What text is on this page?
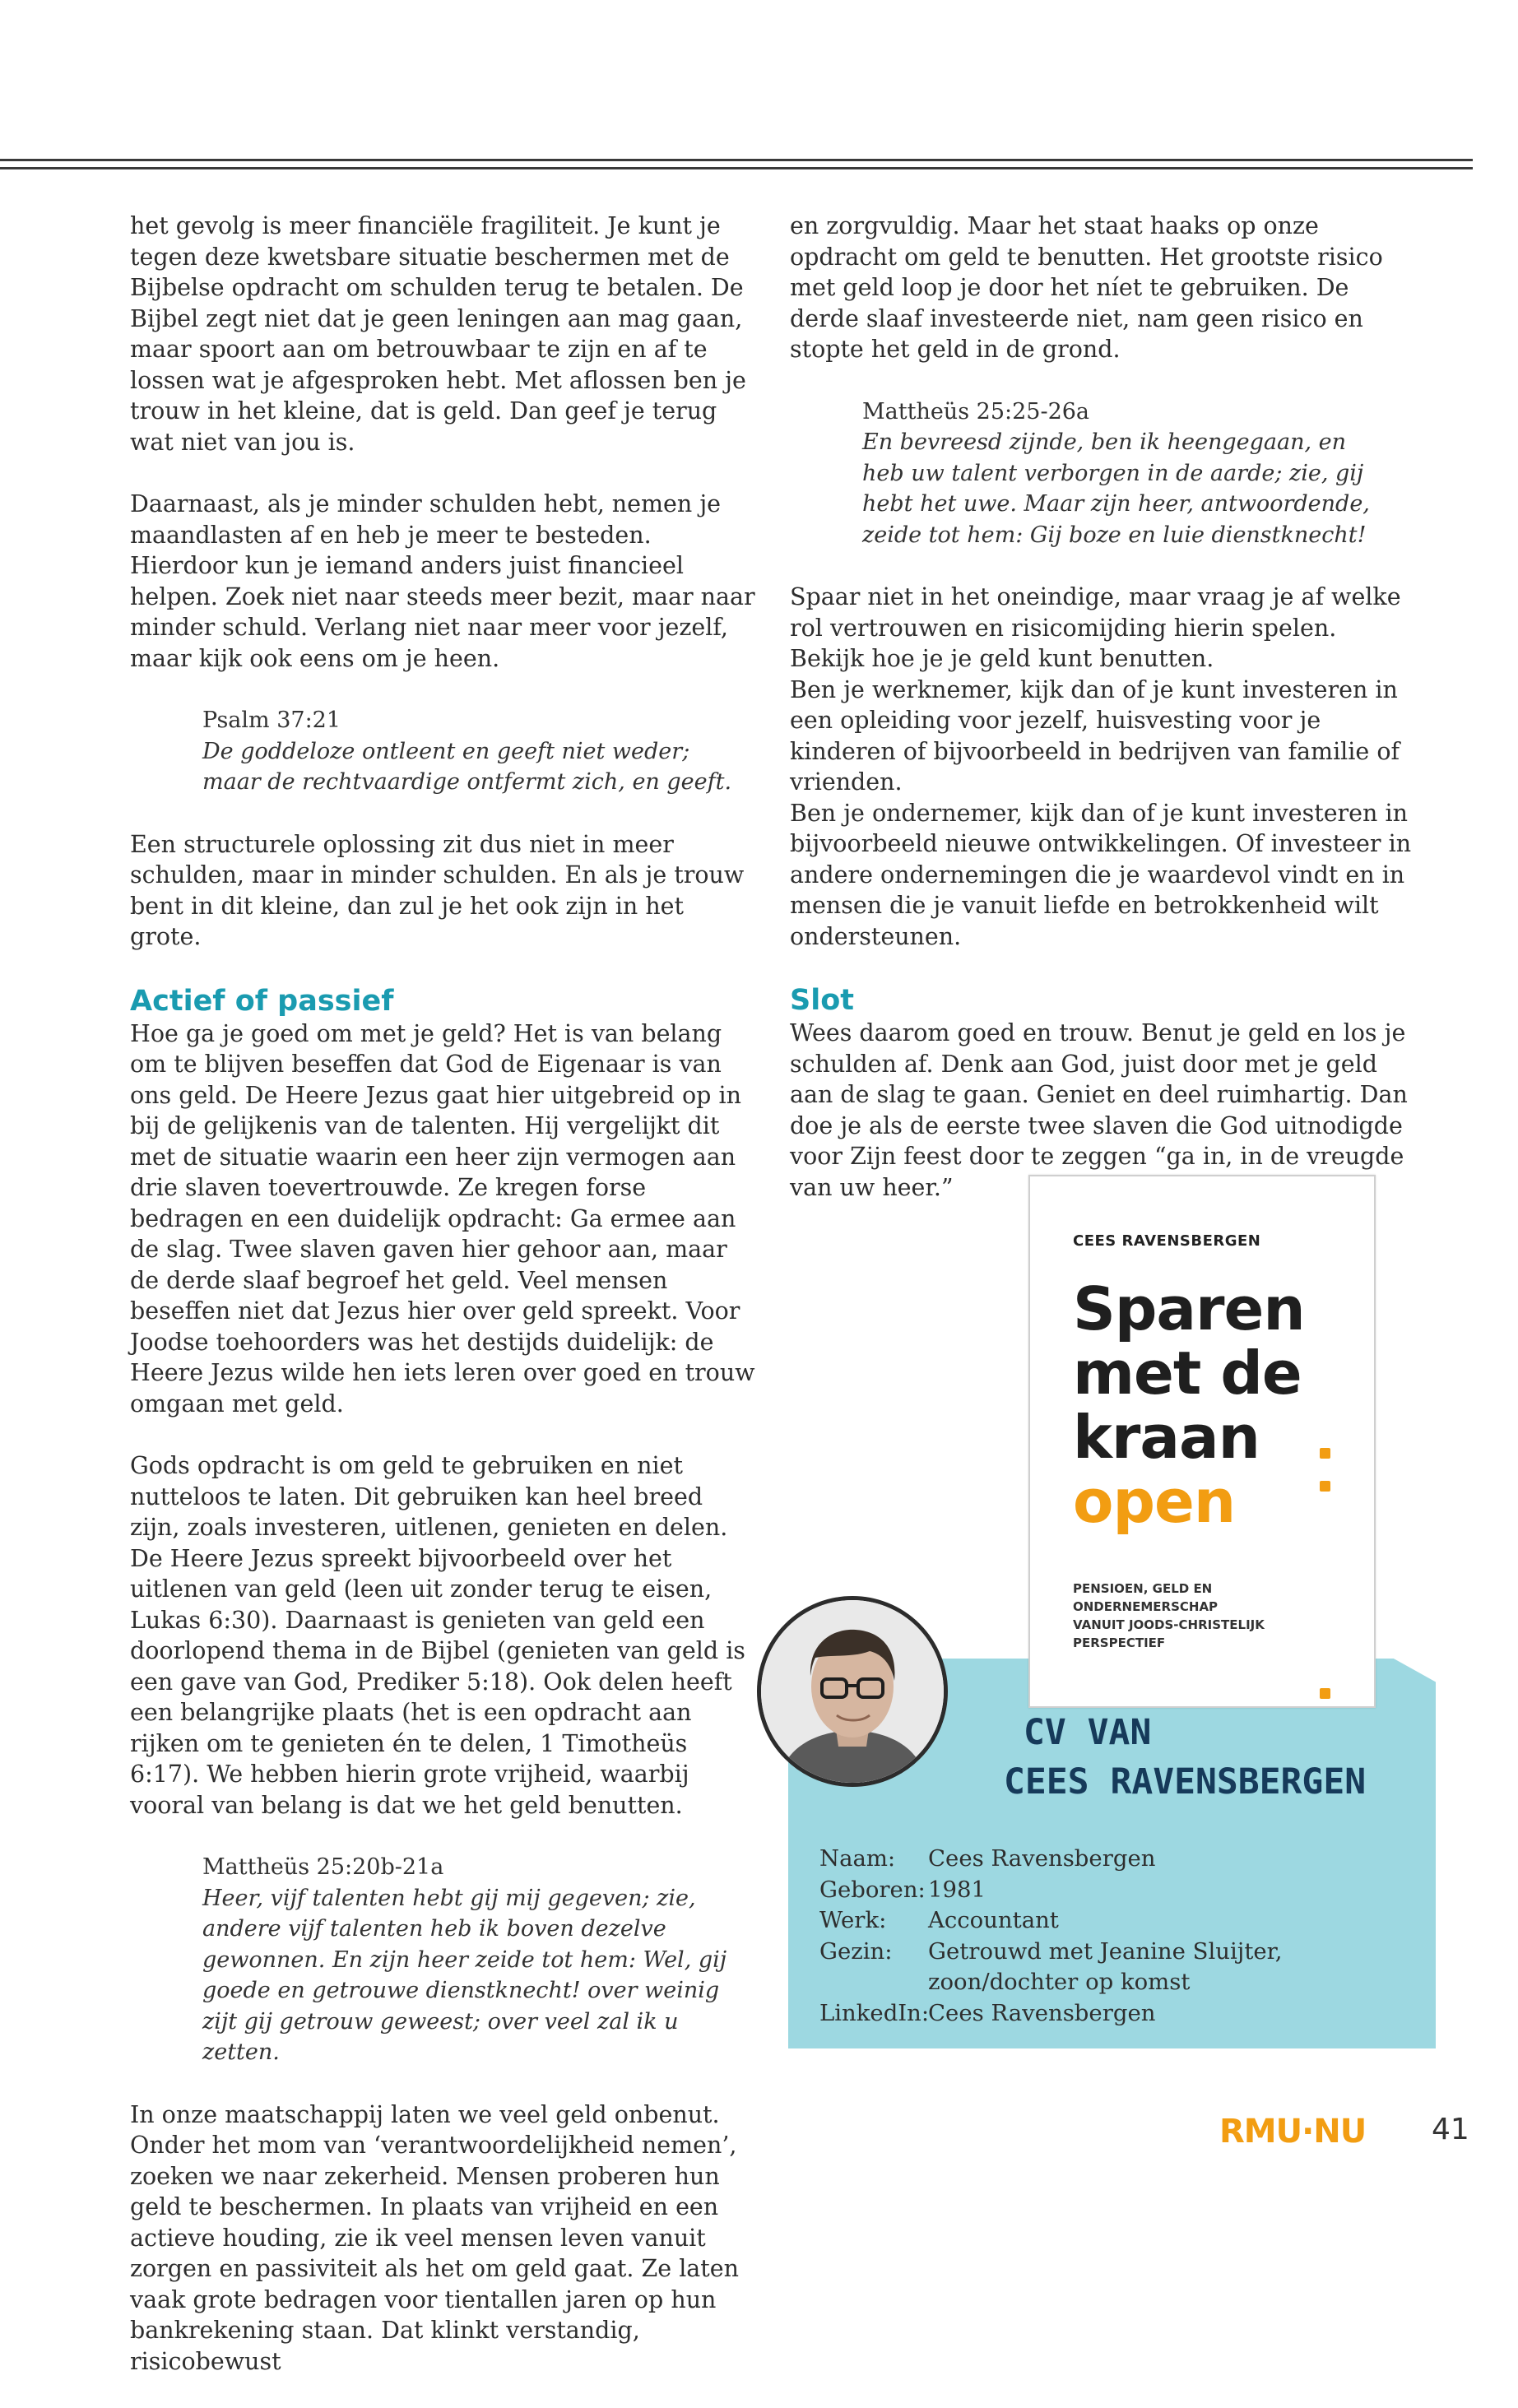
het gevolg is meer financiële fragiliteit. Je kunt je tegen deze kwetsbare situatie beschermen met de Bijbelse opdracht om schulden terug te betalen. De Bijbel zegt niet dat je geen leningen aan mag gaan, maar spoort aan om betrouwbaar te zijn en af te lossen wat je afgesproken hebt. Met aflossen ben je trouw in het kleine, dat is geld. Dan geef je terug wat niet van jou is.

Daarnaast, als je minder schulden hebt, nemen je maandlasten af en heb je meer te besteden. Hierdoor kun je iemand anders juist financieel helpen. Zoek niet naar steeds meer bezit, maar naar minder schuld. Verlang niet naar meer voor jezelf, maar kijk ook eens om je heen.

Psalm 37:21
De goddeloze ontleent en geeft niet weder;
maar de rechtvaardige ontfermt zich, en geeft.

Een structurele oplossing zit dus niet in meer schulden, maar in minder schulden. En als je trouw bent in dit kleine, dan zul je het ook zijn in het grote.

Actief of passief

Hoe ga je goed om met je geld? Het is van belang om te blijven beseffen dat God de Eigenaar is van ons geld. De Heere Jezus gaat hier uitgebreid op in bij de gelijkenis van de talenten. Hij vergelijkt dit met de situatie waarin een heer zijn vermogen aan drie slaven toevertrouwde. Ze kregen forse bedragen en een duidelijk opdracht: Ga ermee aan de slag. Twee slaven gaven hier gehoor aan, maar de derde slaaf begroef het geld. Veel mensen beseffen niet dat Jezus hier over geld spreekt. Voor Joodse toehoorders was het destijds duidelijk: de Heere Jezus wilde hen iets leren over goed en trouw omgaan met geld.

Gods opdracht is om geld te gebruiken en niet nutteloos te laten. Dit gebruiken kan heel breed zijn, zoals investeren, uitlenen, genieten en delen. De Heere Jezus spreekt bijvoorbeeld over het uitlenen van geld (leen uit zonder terug te eisen, Lukas 6:30). Daarnaast is genieten van geld een doorlopend thema in de Bijbel (genieten van geld is een gave van God, Prediker 5:18). Ook delen heeft een belangrijke plaats (het is een opdracht aan rijken om te genieten én te delen, 1 Timotheüs 6:17). We hebben hierin grote vrijheid, waarbij vooral van belang is dat we het geld benutten.

Mattheüs 25:20b-21a
Heer, vijf talenten hebt gij mij gegeven; zie, andere vijf talenten heb ik boven dezelve gewonnen. En zijn heer zeide tot hem: Wel, gij goede en getrouwe dienstknecht! over weinig zijt gij getrouw geweest; over veel zal ik u zetten.

In onze maatschappij laten we veel geld onbenut. Onder het mom van ‘verantwoordelijkheid nemen’, zoeken we naar zekerheid. Mensen proberen hun geld te beschermen. In plaats van vrijheid en een actieve houding, zie ik veel mensen leven vanuit zorgen en passiviteit als het om geld gaat. Ze laten vaak grote bedragen voor tientallen jaren op hun bankrekening staan. Dat klinkt verstandig, risicobewust

en zorgvuldig. Maar het staat haaks op onze opdracht om geld te benutten. Het grootste risico met geld loop je door het níet te gebruiken. De derde slaaf investeerde niet, nam geen risico en stopte het geld in de grond.

Mattheüs 25:25-26a
En bevreesd zijnde, ben ik heengegaan, en heb uw talent verborgen in de aarde; zie, gij hebt het uwe. Maar zijn heer, antwoordende, zeide tot hem: Gij boze en luie dienstknecht!

Spaar niet in het oneindige, maar vraag je af welke rol vertrouwen en risicomijding hierin spelen. Bekijk hoe je je geld kunt benutten.

Ben je werknemer, kijk dan of je kunt investeren in een opleiding voor jezelf, huisvesting voor je kinderen of bijvoorbeeld in bedrijven van familie of vrienden.

Ben je ondernemer, kijk dan of je kunt investeren in bijvoorbeeld nieuwe ontwikkelingen. Of investeer in andere ondernemingen die je waardevol vindt en in mensen die je vanuit liefde en betrokkenheid wilt ondersteunen.

Slot

Wees daarom goed en trouw. Benut je geld en los je schulden af. Denk aan God, juist door met je geld aan de slag te gaan. Geniet en deel ruimhartig. Dan doe je als de eerste twee slaven die God uitnodigde voor Zijn feest door te zeggen “ga in, in de vreugde van uw heer.”

CEES RAVENSBERGEN
Sparen
met de
kraan
open
PENSIOEN, GELD EN ONDERNEMERSCHAP
VANUIT JOODS-CHRISTELIJK PERSPECTIEF
CV VAN
CEES RAVENSBERGEN
Naam:	Cees Ravensbergen
Geboren: 1981
Werk:	Accountant
Gezin:	Getrouwd met Jeanine Sluijter, zoon/dochter op komst
LinkedIn:
Cees Ravensbergen
RMU·NU 41
